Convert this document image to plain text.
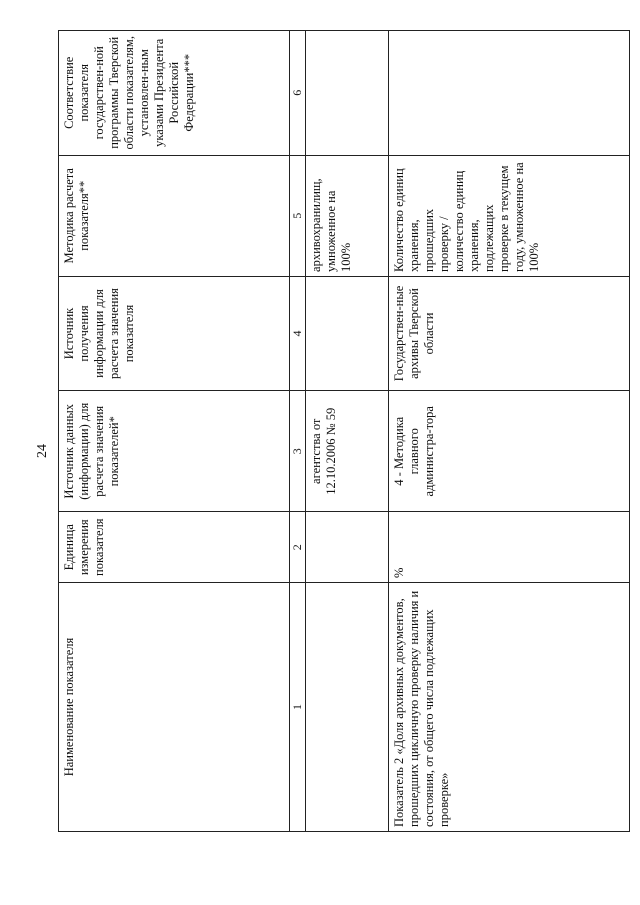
24
Наименование показателя	Единица измерения показателя	Источник данных (информации) для расчета значения показателей*	Источник получения информации для расчета значения показателя	Методика расчета показателя**	Соответствие показателя государствен-ной программы Тверской области показателям, установлен-ным указами Президента Российской Федерации***
1	2	3	4	5	6
		агентства от 12.10.2006 № 59		архивохранилищ, умноженное на 100%	
Показатель 2 «Доля архивных документов, прошедших цикличную проверку наличия и состояния, от общего числа подлежащих проверке»	%	4 - Методика главного администра-тора	Государствен-ные архивы Тверской области	Количество единиц хранения, прошедших проверку / количество единиц хранения, подлежащих проверке в текущем году, умноженное на 100%	
